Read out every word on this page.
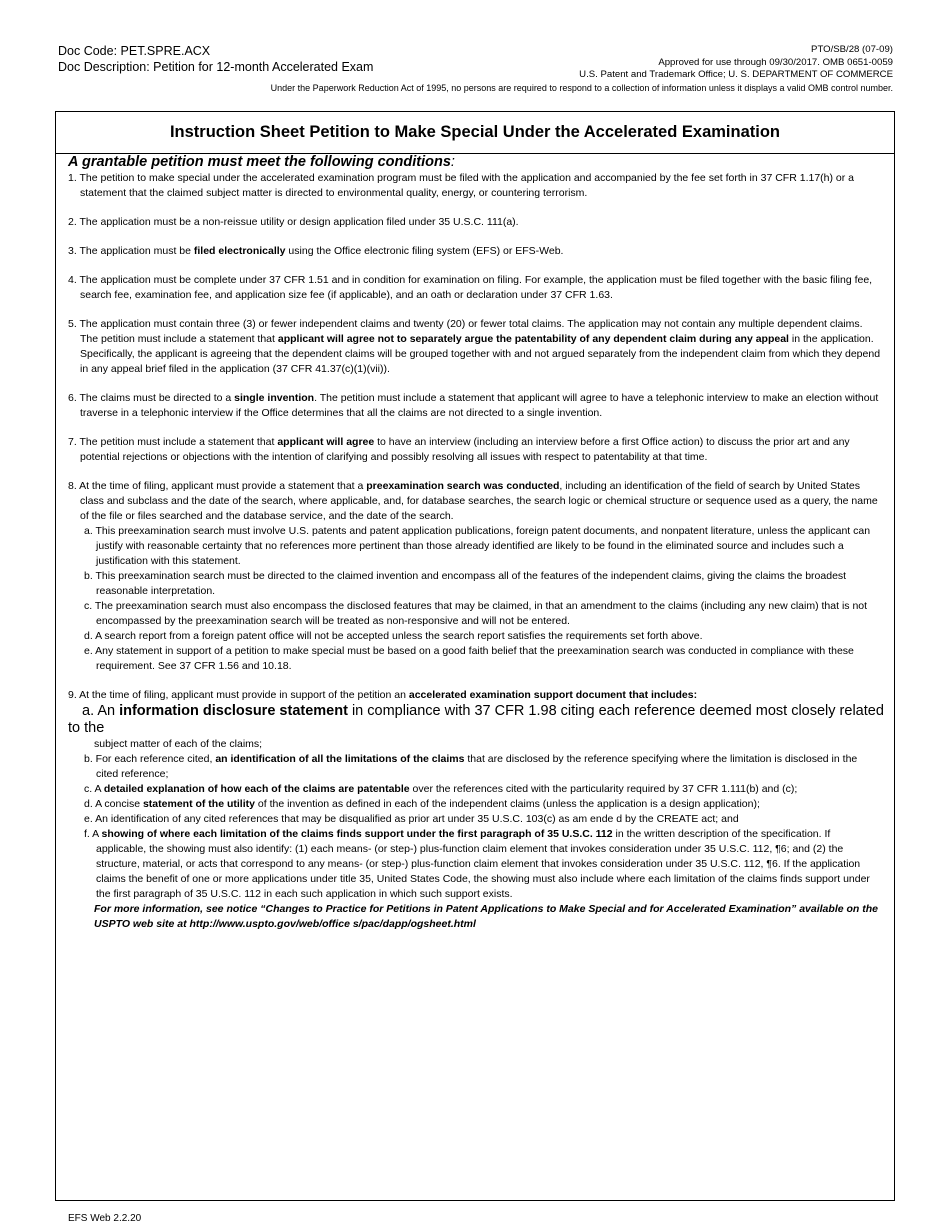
Doc Code: PET.SPRE.ACX
Doc Description: Petition for 12-month Accelerated Exam
PTO/SB/28 (07-09)
Approved for use through 09/30/2017. OMB 0651-0059
U.S. Patent and Trademark Office; U. S. DEPARTMENT OF COMMERCE
Under the Paperwork Reduction Act of 1995, no persons are required to respond to a collection of information unless it displays a valid OMB control number.
Instruction Sheet Petition to Make Special Under the Accelerated Examination
A grantable petition must meet the following conditions:
1. The petition to make special under the accelerated examination program must be filed with the application and accompanied by the fee set forth in 37 CFR 1.17(h) or a statement that the claimed subject matter is directed to environmental quality, energy, or countering terrorism.
2. The application must be a non-reissue utility or design application filed under 35 U.S.C. 111(a).
3. The application must be filed electronically using the Office electronic filing system (EFS) or EFS-Web.
4. The application must be complete under 37 CFR 1.51 and in condition for examination on filing. For example, the application must be filed together with the basic filing fee, search fee, examination fee, and application size fee (if applicable), and an oath or declaration under 37 CFR 1.63.
5. The application must contain three (3) or fewer independent claims and twenty (20) or fewer total claims. The application may not contain any multiple dependent claims. The petition must include a statement that applicant will agree not to separately argue the patentability of any dependent claim during any appeal in the application. Specifically, the applicant is agreeing that the dependent claims will be grouped together with and not argued separately from the independent claim from which they depend in any appeal brief filed in the application (37 CFR 41.37(c)(1)(vii)).
6. The claims must be directed to a single invention. The petition must include a statement that applicant will agree to have a telephonic interview to make an election without traverse in a telephonic interview if the Office determines that all the claims are not directed to a single invention.
7. The petition must include a statement that applicant will agree to have an interview (including an interview before a first Office action) to discuss the prior art and any potential rejections or objections with the intention of clarifying and possibly resolving all issues with respect to patentability at that time.
8. At the time of filing, applicant must provide a statement that a preexamination search was conducted, including an identification of the field of search by United States class and subclass and the date of the search, where applicable, and, for database searches, the search logic or chemical structure or sequence used as a query, the name of the file or files searched and the database service, and the date of the search.
a. This preexamination search must involve U.S. patents and patent application publications, foreign patent documents, and nonpatent literature, unless the applicant can justify with reasonable certainty that no references more pertinent than those already identified are likely to be found in the eliminated source and includes such a justification with this statement.
b. This preexamination search must be directed to the claimed invention and encompass all of the features of the independent claims, giving the claims the broadest reasonable interpretation.
c. The preexamination search must also encompass the disclosed features that may be claimed, in that an amendment to the claims (including any new claim) that is not encompassed by the preexamination search will be treated as non-responsive and will not be entered.
d. A search report from a foreign patent office will not be accepted unless the search report satisfies the requirements set forth above.
e. Any statement in support of a petition to make special must be based on a good faith belief that the preexamination search was conducted in compliance with these requirement. See 37 CFR 1.56 and 10.18.
9. At the time of filing, applicant must provide in support of the petition an accelerated examination support document that includes:
a. An information disclosure statement in compliance with 37 CFR 1.98 citing each reference deemed most closely related to the
subject matter of each of the claims;
b. For each reference cited, an identification of all the limitations of the claims that are disclosed by the reference specifying where the limitation is disclosed in the cited reference;
c. A detailed explanation of how each of the claims are patentable over the references cited with the particularity required by 37 CFR 1.111(b) and (c);
d. A concise statement of the utility of the invention as defined in each of the independent claims (unless the application is a design application);
e. An identification of any cited references that may be disqualified as prior art under 35 U.S.C. 103(c) as am ende d by the CREATE act; and
f. A showing of where each limitation of the claims finds support under the first paragraph of 35 U.S.C. 112 in the written description of the specification. If applicable, the showing must also identify: (1) each means- (or step-) plus-function claim element that invokes consideration under 35 U.S.C. 112, ¶6; and (2) the structure, material, or acts that correspond to any means- (or step-) plus-function claim element that invokes consideration under 35 U.S.C. 112, ¶6. If the application claims the benefit of one or more applications under title 35, United States Code, the showing must also include where each limitation of the claims finds support under the first paragraph of 35 U.S.C. 112 in each such application in which such support exists.
For more information, see notice “Changes to Practice for Petitions in Patent Applications to Make Special and for Accelerated Examination” available on the USPTO web site at http://www.uspto.gov/web/office s/pac/dapp/ogsheet.html
EFS Web 2.2.20
